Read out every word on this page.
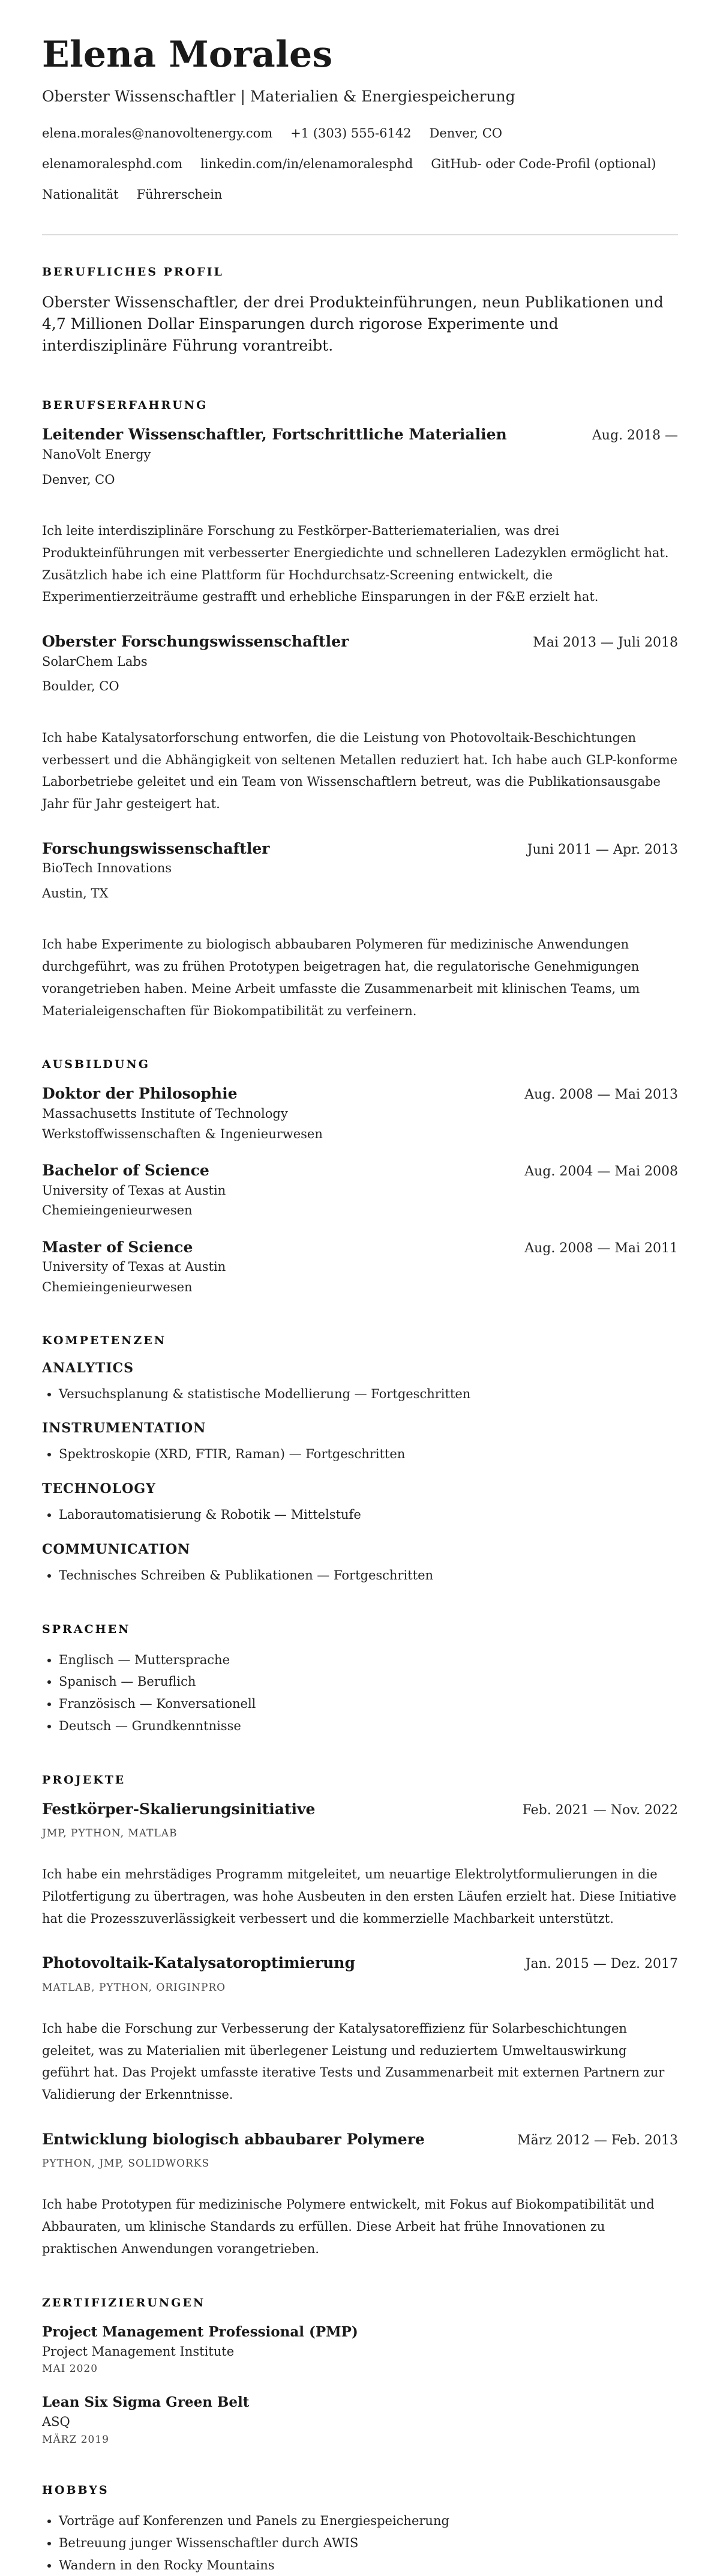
Elena Morales
Oberster Wissenschaftler | Materialien & Energiespeicherung
elena.morales@nanovoltenergy.com +1 (303) 555-6142 Denver, CO
elenamoralesphd.com linkedin.com/in/elenamoralesphd GitHub- oder Code-Profil (optional)
Nationalität Führerschein
BERUFLICHES PROFIL

Oberster Wissenschaftler, der drei Produkteinführungen, neun Publikationen und 4,7 Millionen Dollar Einsparungen durch rigorose Experimente und interdisziplinäre Führung vorantreibt.

BERUFSERFAHRUNG
Leitender Wissenschaftler, Fortschrittliche Materialien	Aug. 2018 —
NanoVolt Energy
Denver, CO

Ich leite interdisziplinäre Forschung zu Festkörper-Batteriematerialien, was drei Produkteinführungen mit verbesserter Energiedichte und schnelleren Ladezyklen ermöglicht hat. Zusätzlich habe ich eine Plattform für Hochdurchsatz-Screening entwickelt, die Experimentierzeiträume gestrafft und erhebliche Einsparungen in der F&E erzielt hat.

Oberster Forschungswissenschaftler	Mai 2013 — Juli 2018
SolarChem Labs
Boulder, CO

Ich habe Katalysatorforschung entworfen, die die Leistung von Photovoltaik-Beschichtungen verbessert und die Abhängigkeit von seltenen Metallen reduziert hat. Ich habe auch GLP-konforme Laborbetriebe geleitet und ein Team von Wissenschaftlern betreut, was die Publikationsausgabe Jahr für Jahr gesteigert hat.

Forschungswissenschaftler	Juni 2011 — Apr. 2013
BioTech Innovations
Austin, TX

Ich habe Experimente zu biologisch abbaubaren Polymeren für medizinische Anwendungen durchgeführt, was zu frühen Prototypen beigetragen hat, die regulatorische Genehmigungen vorangetrieben haben. Meine Arbeit umfasste die Zusammenarbeit mit klinischen Teams, um Materialeigenschaften für Biokompatibilität zu verfeinern.

AUSBILDUNG
Doktor der Philosophie	Aug. 2008 — Mai 2013
Massachusetts Institute of Technology
Werkstoffwissenschaften & Ingenieurwesen
Bachelor of Science	Aug. 2004 — Mai 2008
University of Texas at Austin
Chemieingenieurwesen
Master of Science	Aug. 2008 — Mai 2011
University of Texas at Austin
Chemieingenieurwesen
KOMPETENZEN
ANALYTICS
• Versuchsplanung & statistische Modellierung — Fortgeschritten
INSTRUMENTATION
• Spektroskopie (XRD, FTIR, Raman) — Fortgeschritten
TECHNOLOGY
• Laborautomatisierung & Robotik — Mittelstufe
COMMUNICATION
• Technisches Schreiben & Publikationen — Fortgeschritten
SPRACHEN
• Englisch — Muttersprache
• Spanisch — Beruflich
• Französisch — Konversationell
• Deutsch — Grundkenntnisse
PROJEKTE
Festkörper-Skalierungsinitiative	Feb. 2021 — Nov. 2022
JMP, PYTHON, MATLAB

Ich habe ein mehrstädiges Programm mitgeleitet, um neuartige Elektrolytformulierungen in die Pilotfertigung zu übertragen, was hohe Ausbeuten in den ersten Läufen erzielt hat. Diese Initiative hat die Prozesszuverlässigkeit verbessert und die kommerzielle Machbarkeit unterstützt.

Photovoltaik-Katalysatoroptimierung	Jan. 2015 — Dez. 2017
MATLAB, PYTHON, ORIGINPRO

Ich habe die Forschung zur Verbesserung der Katalysatoreffizienz für Solarbeschichtungen geleitet, was zu Materialien mit überlegener Leistung und reduziertem Umweltauswirkung geführt hat. Das Projekt umfasste iterative Tests und Zusammenarbeit mit externen Partnern zur Validierung der Erkenntnisse.

Entwicklung biologisch abbaubarer Polymere	März 2012 — Feb. 2013
PYTHON, JMP, SOLIDWORKS

Ich habe Prototypen für medizinische Polymere entwickelt, mit Fokus auf Biokompatibilität und Abbauraten, um klinische Standards zu erfüllen. Diese Arbeit hat frühe Innovationen zu praktischen Anwendungen vorangetrieben.

ZERTIFIZIERUNGEN
Project Management Professional (PMP)
Project Management Institute
MAI 2020
Lean Six Sigma Green Belt
ASQ
MÄRZ 2019
HOBBYS
• Vorträge auf Konferenzen und Panels zu Energiespeicherung
• Betreuung junger Wissenschaftler durch AWIS
• Wandern in den Rocky Mountains
